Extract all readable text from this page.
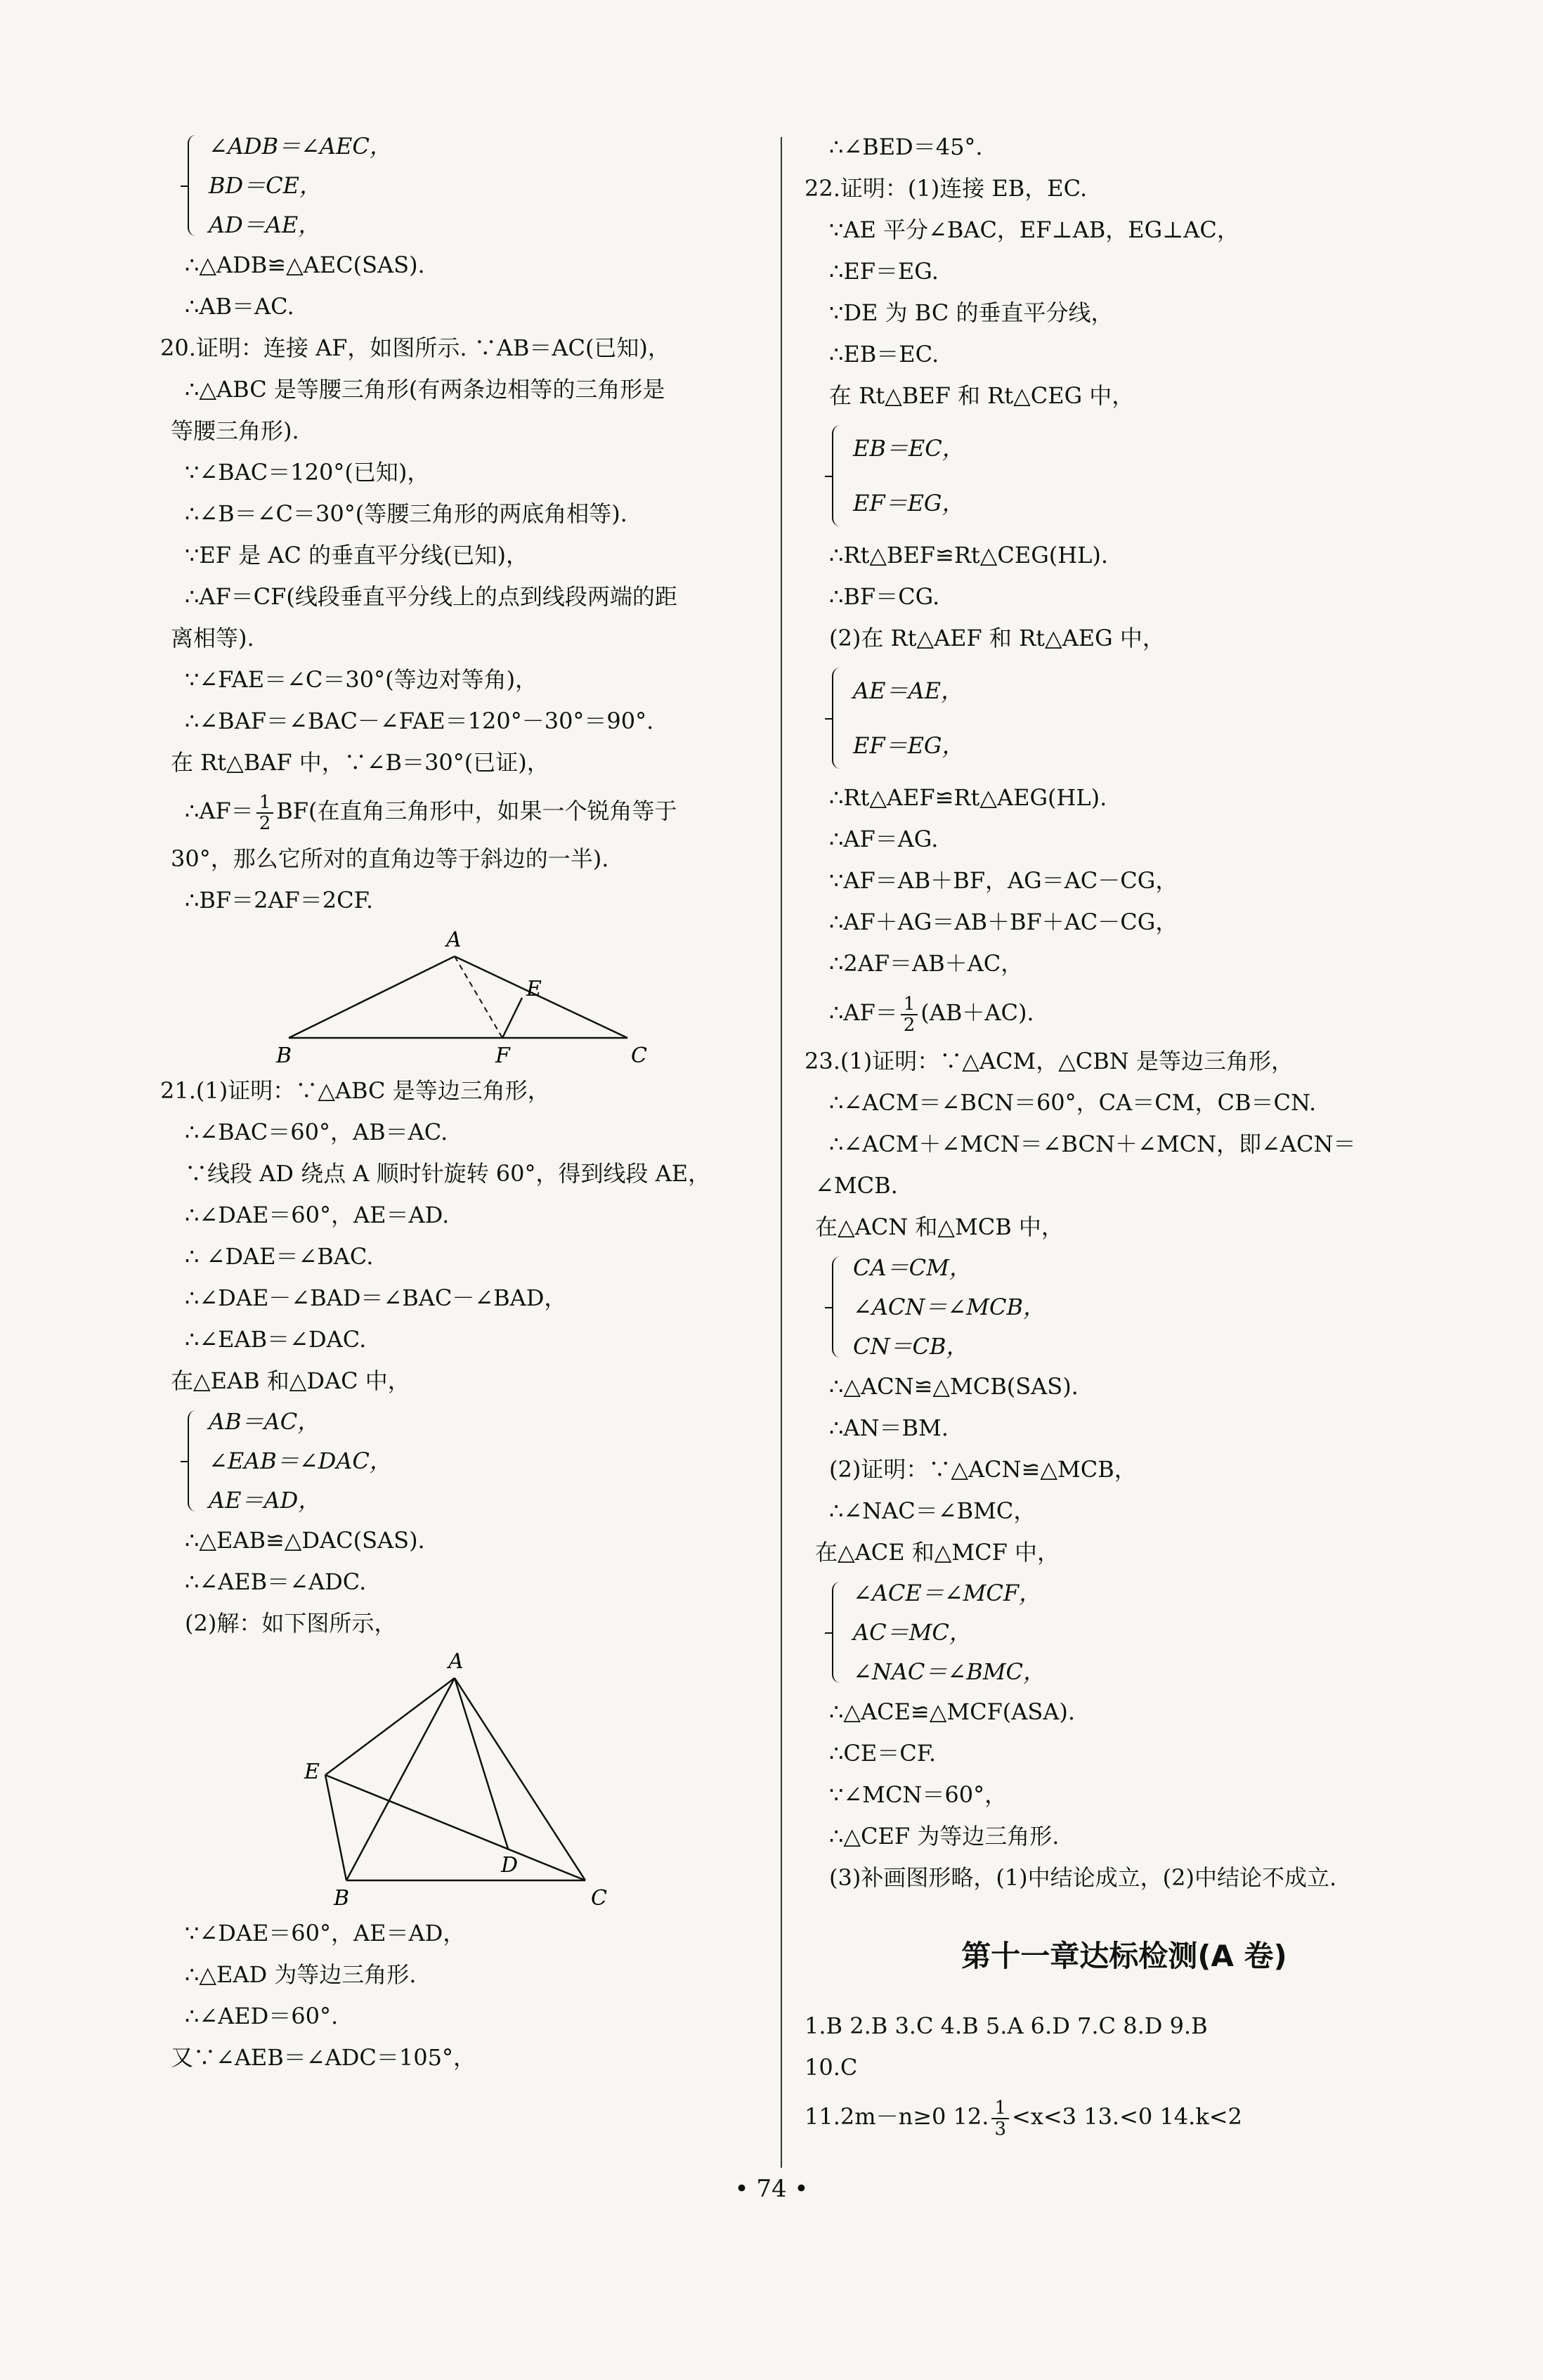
∠ADB＝∠AEC，
BD＝CE，
AD＝AE，
∴△ADB≌△AEC(SAS).
∴AB＝AC.
20.证明：连接 AF，如图所示. ∵AB＝AC(已知)，
∴△ABC 是等腰三角形(有两条边相等的三角形是
等腰三角形).
∵∠BAC＝120°(已知)，
∴∠B＝∠C＝30°(等腰三角形的两底角相等).
∵EF 是 AC 的垂直平分线(已知)，
∴AF＝CF(线段垂直平分线上的点到线段两端的距
离相等).
∵∠FAE＝∠C＝30°(等边对等角)，
∴∠BAF＝∠BAC－∠FAE＝120°－30°＝90°.
在 Rt△BAF 中，∵∠B＝30°(已证)，
∴AF＝ $\frac{1}{2} BF$(在直角三角形中，如果一个锐角等于
30°，那么它所对的直角边等于斜边的一半).
∴BF＝2AF＝2CF.
A
B	C
E
F
21.(1)证明：∵△ABC 是等边三角形，
∴∠BAC＝60°，AB＝AC.
∵线段 AD 绕点 A 顺时针旋转 60°，得到线段 AE，
∴∠DAE＝60°，AE＝AD.
∴ ∠DAE＝∠BAC.
∴∠DAE－∠BAD＝∠BAC－∠BAD，
∴∠EAB＝∠DAC.
在△EAB 和△DAC 中，
AB＝AC，
∠EAB＝∠DAC，
AE＝AD，
∴△EAB≌△DAC(SAS).
∴∠AEB＝∠ADC.
(2)解：如下图所示，
A
B	C
D
E
∵∠DAE＝60°，AE＝AD，
∴△EAD 为等边三角形.
∴∠AED＝60°.
又∵∠AEB＝∠ADC＝105°，
∴∠BED＝45°.
22.证明：(1)连接 EB，EC.
∵AE 平分∠BAC，EF⊥AB，EG⊥AC，
∴EF＝EG.
∵DE 为 BC 的垂直平分线，
∴EB＝EC.
在 Rt△BEF 和 Rt△CEG 中，
EB＝EC，
EF＝EG，
∴Rt△BEF≌Rt△CEG(HL).
∴BF＝CG.
(2)在 Rt△AEF 和 Rt△AEG 中，
AE＝AE，
EF＝EG，
∴Rt△AEF≌Rt△AEG(HL).
∴AF＝AG.
∵AF＝AB＋BF，AG＝AC－CG，
∴AF＋AG＝AB＋BF＋AC－CG，
∴2AF＝AB＋AC，
∴AF＝ $\frac{1}{2} (AB+AC)$.
23.(1)证明：∵△ACM，△CBN 是等边三角形，
∴∠ACM＝∠BCN＝60°，CA＝CM，CB＝CN.
∴∠ACM＋∠MCN＝∠BCN＋∠MCN，即∠ACN＝
∠MCB.
在△ACN 和△MCB 中，
CA＝CM，
∠ACN＝∠MCB，
CN＝CB，
∴△ACN≌△MCB(SAS).
∴AN＝BM.
(2)证明：∵△ACN≌△MCB，
∴∠NAC＝∠BMC，
在△ACE 和△MCF 中，
∠ACE＝∠MCF，
AC＝MC，
∠NAC＝∠BMC，
∴△ACE≌△MCF(ASA).
∴CE＝CF.
∵∠MCN＝60°，
∴△CEF 为等边三角形.
(3)补画图形略，(1)中结论成立，(2)中结论不成立.
第十一章达标检测(A 卷)
1.B 2.B 3.C 4.B 5.A 6.D 7.C 8.D 9.B
10.C
11.2m－n≥0 12. $\frac{1}{3} <x<3$ 13.<0 14.k<2
• 74 •
